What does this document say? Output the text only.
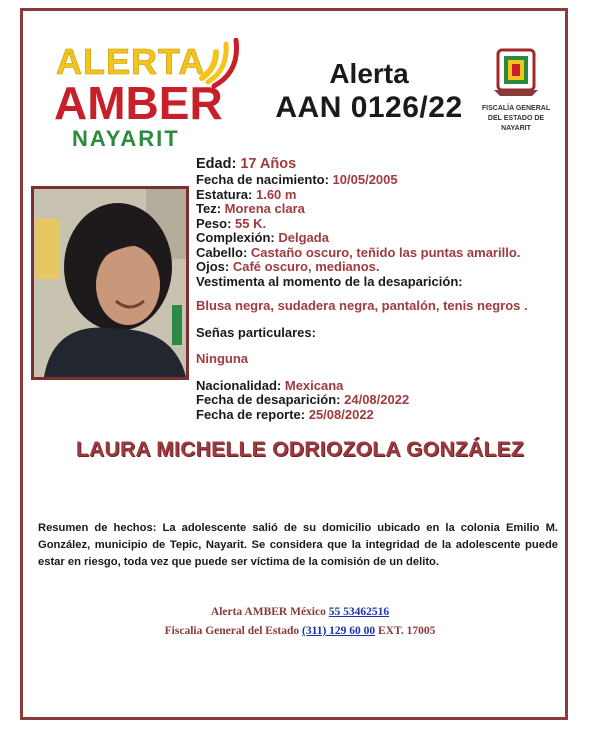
ALERTA
AMBER
NAYARIT
Alerta
AAN 0126/22	FISCALÍA GENERAL
DEL ESTADO DE
NAYARIT
Edad: 17 Años
Fecha de nacimiento: 10/05/2005
Estatura: 1.60 m
Tez: Morena clara
Peso: 55 K.
Complexión: Delgada
Cabello: Castaño oscuro, teñido las puntas amarillo.
Ojos: Café oscuro, medianos.
Vestimenta al momento de la desaparición:
Blusa negra, sudadera negra, pantalón, tenis negros .
Señas particulares:
Ninguna
Nacionalidad: Mexicana
Fecha de desaparición: 24/08/2022
Fecha de reporte: 25/08/2022
LAURA MICHELLE ODRIOZOLA GONZÁLEZ
Resumen de hechos: La adolescente salió de su domicilio ubicado en la colonia Emilio M. González, municipio de Tepic, Nayarit. Se considera que la integridad de la adolescente puede estar en riesgo, toda vez que puede ser víctima de la comisión de un delito.
Alerta AMBER México 55 53462516
Fiscalia General del Estado (311) 129 60 00 EXT. 17005
